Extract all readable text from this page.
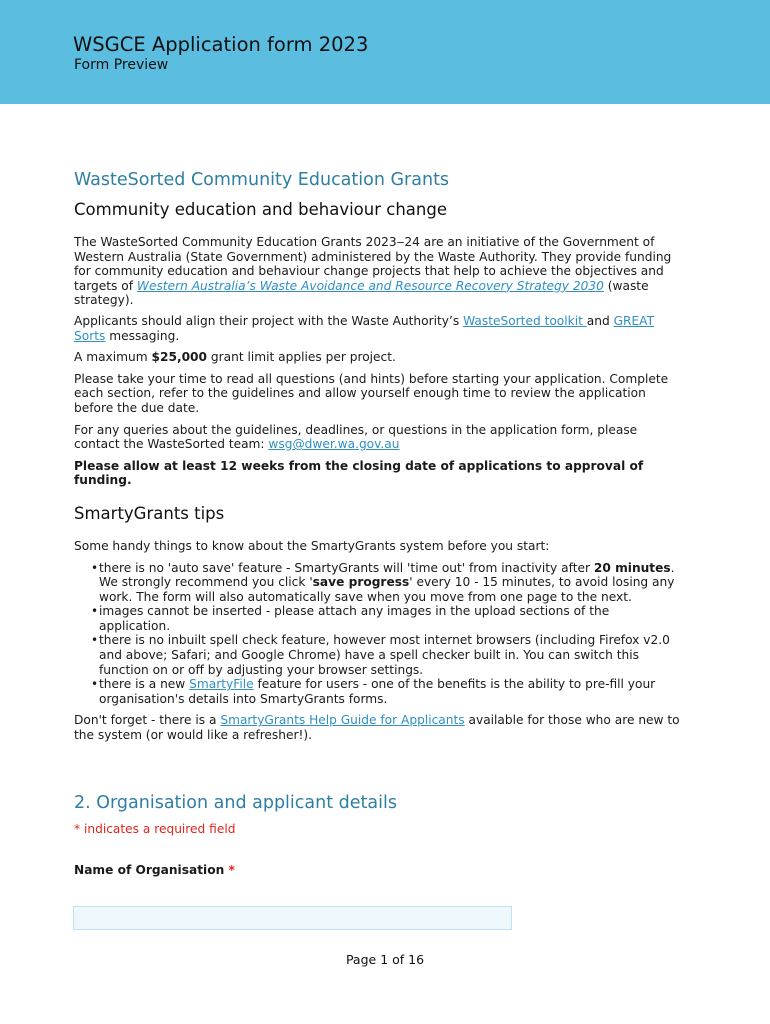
WSGCE Application form 2023
Form Preview
WasteSorted Community Education Grants
Community education and behaviour change

The WasteSorted Community Education Grants 2023‒24 are an initiative of the Government of Western Australia (State Government) administered by the Waste Authority. They provide funding for community education and behaviour change projects that help to achieve the objectives and targets of Western Australia’s Waste Avoidance and Resource Recovery Strategy 2030 (waste strategy).

Applicants should align their project with the Waste Authority’s WasteSorted toolkit and GREAT Sorts messaging.

A maximum $25,000 grant limit applies per project.

Please take your time to read all questions (and hints) before starting your application. Complete each section, refer to the guidelines and allow yourself enough time to review the application before the due date.

For any queries about the guidelines, deadlines, or questions in the application form, please contact the WasteSorted team: wsg@dwer.wa.gov.au

Please allow at least 12 weeks from the closing date of applications to approval of funding.

SmartyGrants tips

Some handy things to know about the SmartyGrants system before you start:

• there is no 'auto save' feature - SmartyGrants will 'time out' from inactivity after 20 minutes. We strongly recommend you click 'save progress' every 10 - 15 minutes, to avoid losing any work. The form will also automatically save when you move from one page to the next.
• images cannot be inserted - please attach any images in the upload sections of the application.
• there is no inbuilt spell check feature, however most internet browsers (including Firefox v2.0 and above; Safari; and Google Chrome) have a spell checker built in. You can switch this function on or off by adjusting your browser settings.
• there is a new SmartyFile feature for users - one of the benefits is the ability to pre-fill your organisation's details into SmartyGrants forms.

Don't forget - there is a SmartyGrants Help Guide for Applicants available for those who are new to the system (or would like a refresher!).

2. Organisation and applicant details
* indicates a required field
Name of Organisation *
Page 1 of 16
